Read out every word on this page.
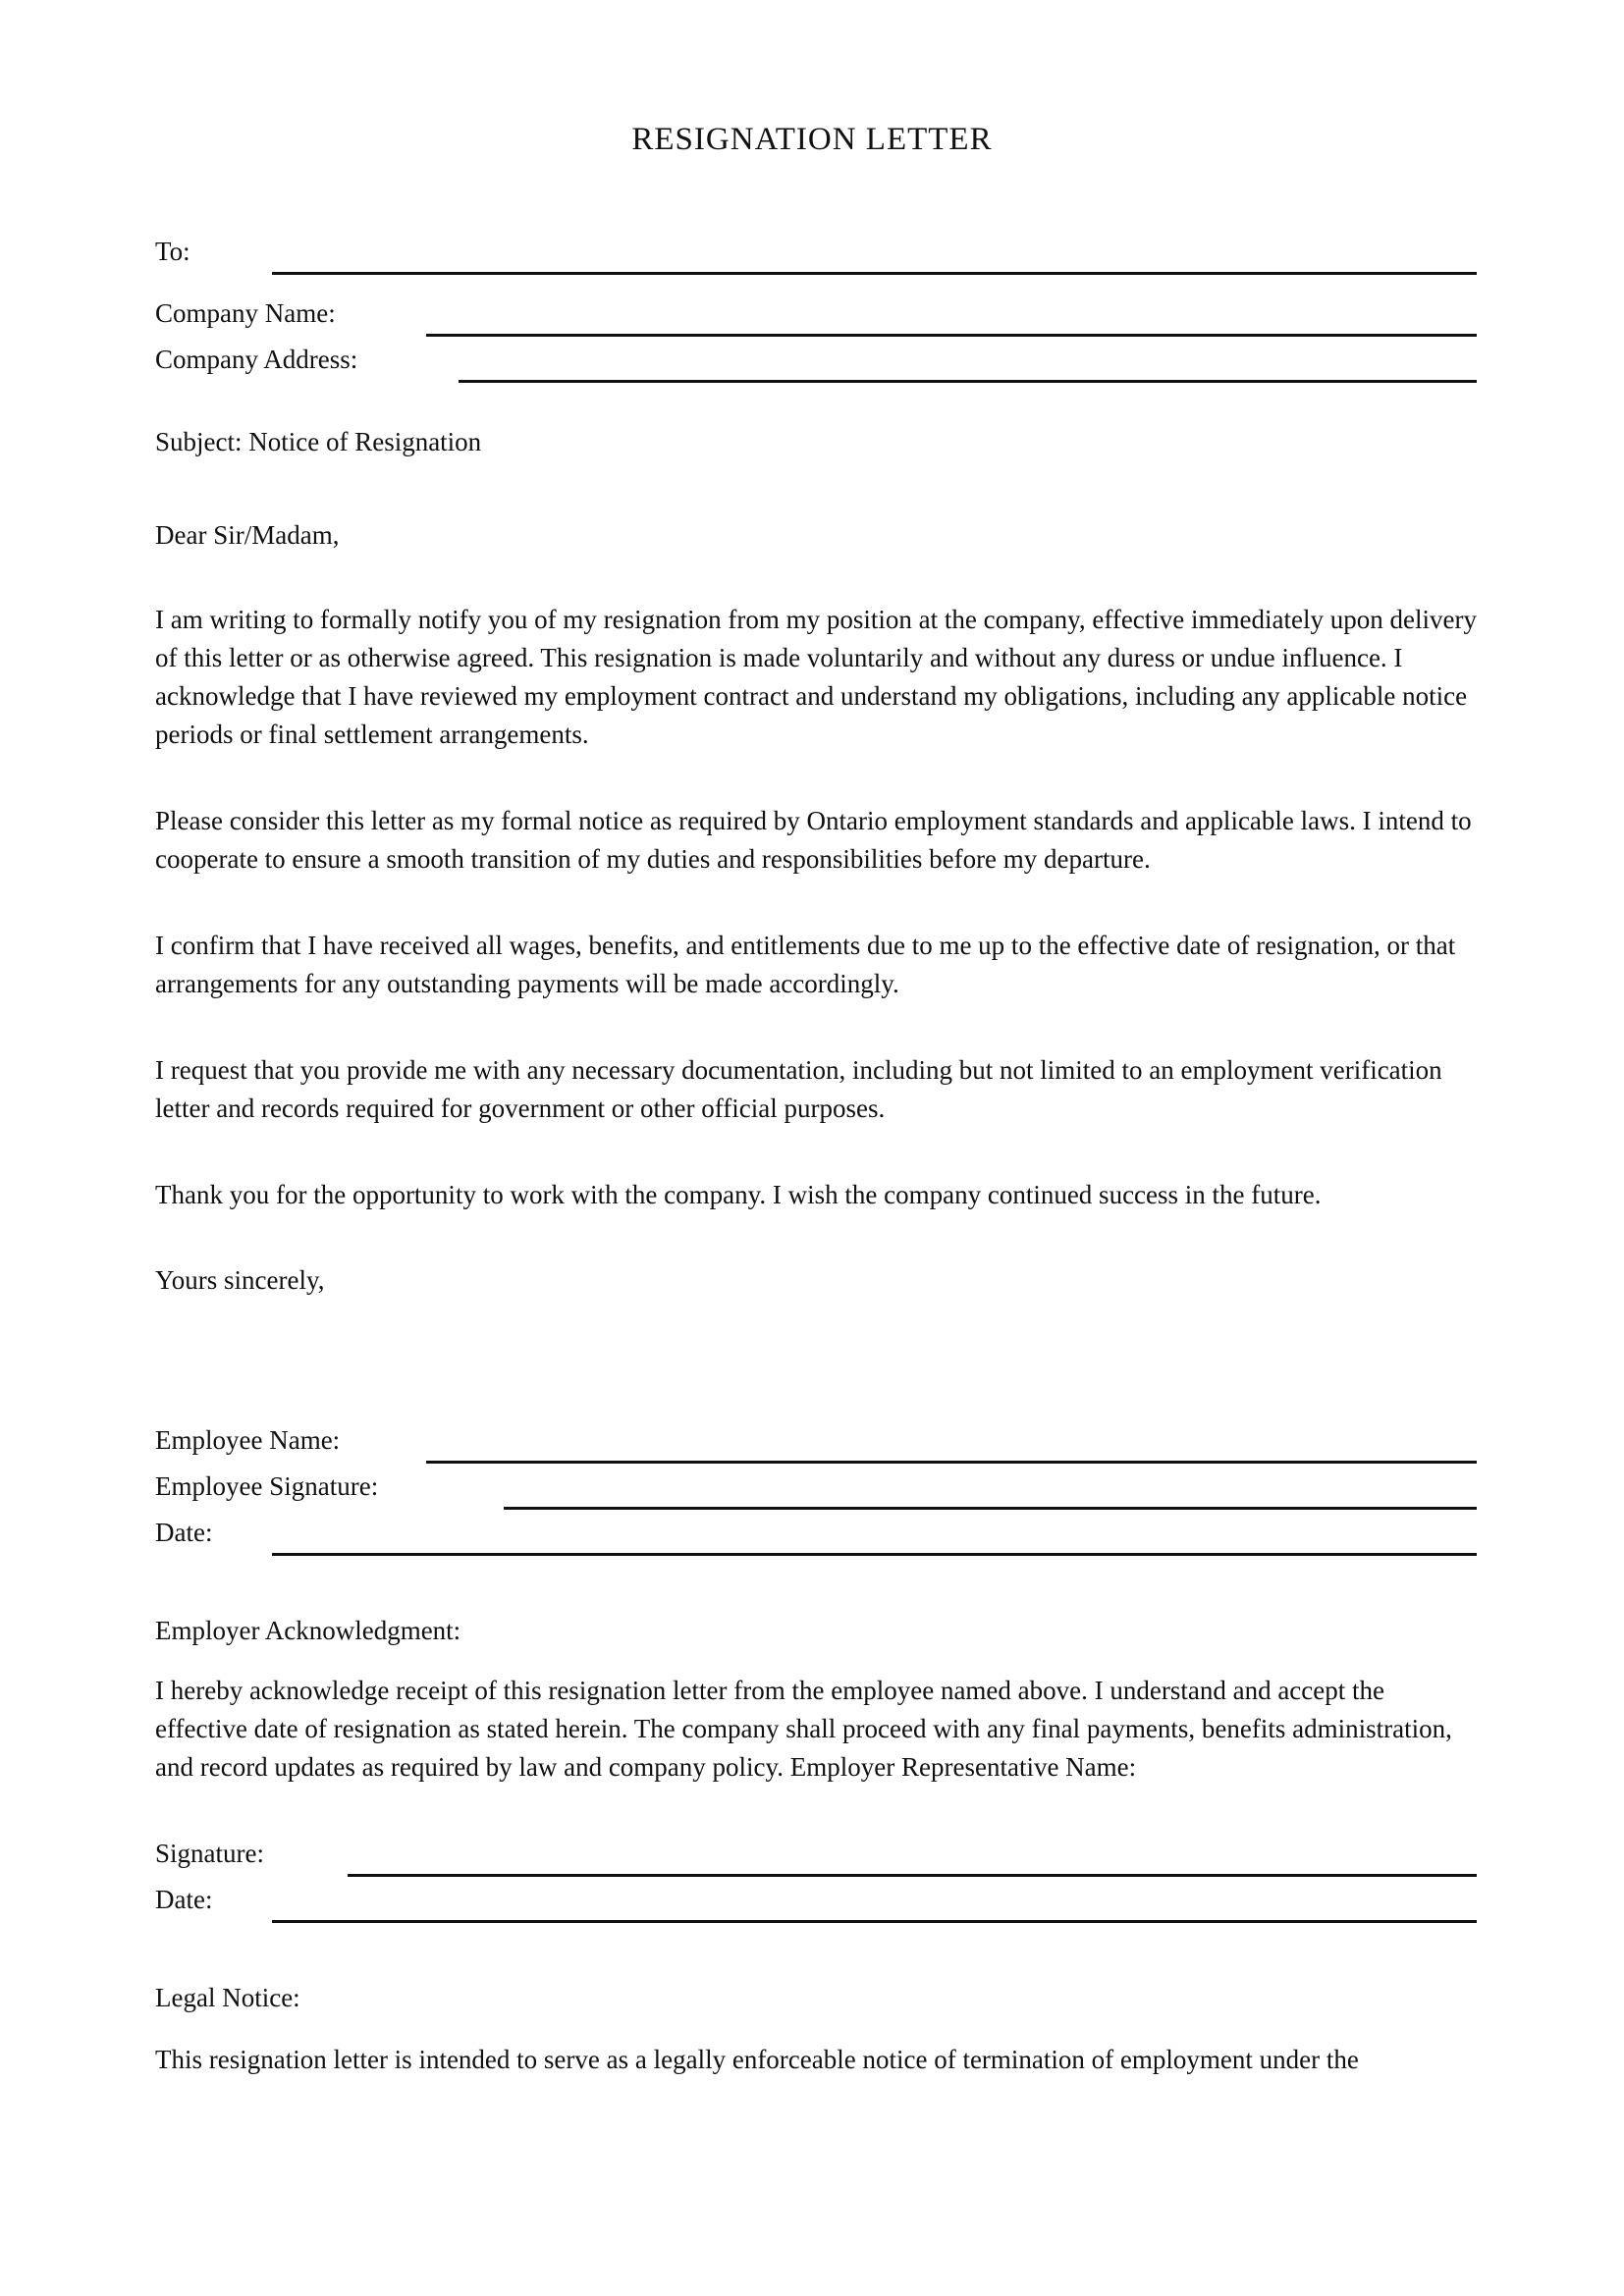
RESIGNATION LETTER
To:
Company Name:
Company Address:
Subject: Notice of Resignation
Dear Sir/Madam,
I am writing to formally notify you of my resignation from my position at the company, effective immediately upon delivery of this letter or as otherwise agreed. This resignation is made voluntarily and without any duress or undue influence. I acknowledge that I have reviewed my employment contract and understand my obligations, including any applicable notice periods or final settlement arrangements.
Please consider this letter as my formal notice as required by Ontario employment standards and applicable laws. I intend to cooperate to ensure a smooth transition of my duties and responsibilities before my departure.
I confirm that I have received all wages, benefits, and entitlements due to me up to the effective date of resignation, or that arrangements for any outstanding payments will be made accordingly.
I request that you provide me with any necessary documentation, including but not limited to an employment verification letter and records required for government or other official purposes.
Thank you for the opportunity to work with the company. I wish the company continued success in the future.
Yours sincerely,
Employee Name:
Employee Signature:
Date:
Employer Acknowledgment:
I hereby acknowledge receipt of this resignation letter from the employee named above. I understand and accept the effective date of resignation as stated herein. The company shall proceed with any final payments, benefits administration, and record updates as required by law and company policy. Employer Representative Name:
Signature:
Date:
Legal Notice:
This resignation letter is intended to serve as a legally enforceable notice of termination of employment under the
